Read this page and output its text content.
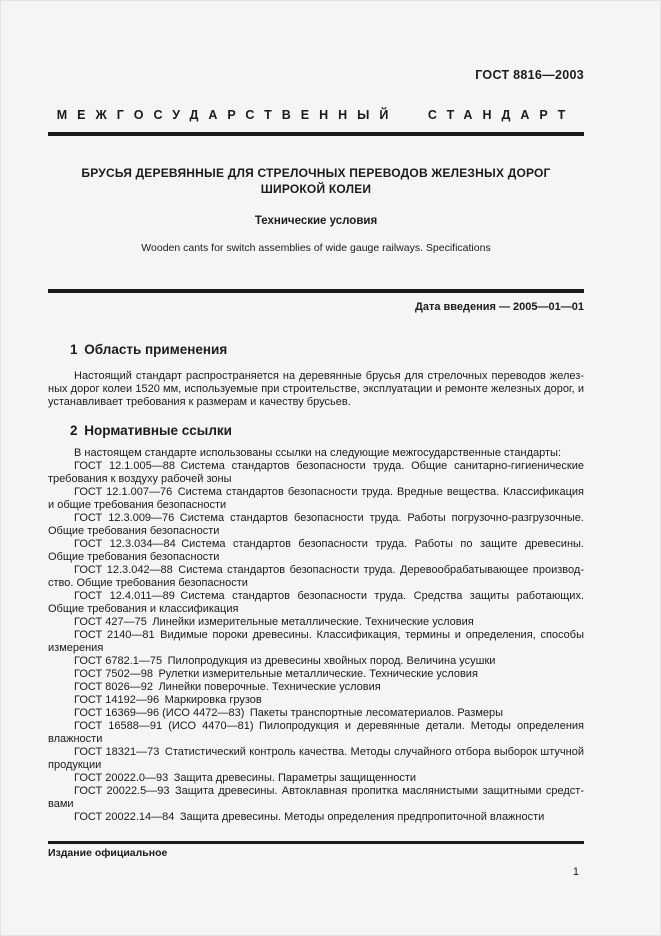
ГОСТ 8816—2003
МЕЖГОСУДАРСТВЕННЫЙ СТАНДАРТ
БРУСЬЯ ДЕРЕВЯННЫЕ ДЛЯ СТРЕЛОЧНЫХ ПЕРЕВОДОВ ЖЕЛЕЗНЫХ ДОРОГ ШИРОКОЙ КОЛЕИ
Технические условия
Wooden cants for switch assemblies of wide gauge railways. Specifications
Дата введения — 2005—01—01
1 Область применения

Настоящий стандарт распространяется на деревянные брусья для стрелочных переводов железных дорог колеи 1520 мм, используемые при строительстве, эксплуатации и ремонте железных дорог, и устанавливает требования к размерам и качеству брусьев.

2 Нормативные ссылки

В настоящем стандарте использованы ссылки на следующие межгосударственные стандарты:

ГОСТ 12.1.005—88 Система стандартов безопасности труда. Общие санитарно-гигиенические требования к воздуху рабочей зоны

ГОСТ 12.1.007—76 Система стандартов безопасности труда. Вредные вещества. Классификация и общие требования безопасности

ГОСТ 12.3.009—76 Система стандартов безопасности труда. Работы погрузочно-разгрузочные. Общие требования безопасности

ГОСТ 12.3.034—84 Система стандартов безопасности труда. Работы по защите древесины. Общие требования безопасности

ГОСТ 12.3.042—88 Система стандартов безопасности труда. Деревообрабатывающее производство. Общие требования безопасности

ГОСТ 12.4.011—89 Система стандартов безопасности труда. Средства защиты работающих. Общие требования и классификация

ГОСТ 427—75 Линейки измерительные металлические. Технические условия

ГОСТ 2140—81 Видимые пороки древесины. Классификация, термины и определения, способы измерения

ГОСТ 6782.1—75 Пилопродукция из древесины хвойных пород. Величина усушки

ГОСТ 7502—98 Рулетки измерительные металлические. Технические условия

ГОСТ 8026—92 Линейки поверочные. Технические условия

ГОСТ 14192—96 Маркировка грузов

ГОСТ 16369—96 (ИСО 4472—83) Пакеты транспортные лесоматериалов. Размеры

ГОСТ 16588—91 (ИСО 4470—81) Пилопродукция и деревянные детали. Методы определения влажности

ГОСТ 18321—73 Статистический контроль качества. Методы случайного отбора выборок штучной продукции

ГОСТ 20022.0—93 Защита древесины. Параметры защищенности

ГОСТ 20022.5—93 Защита древесины. Автоклавная пропитка маслянистыми защитными средствами

ГОСТ 20022.14—84 Защита древесины. Методы определения предпропиточной влажности

Издание официальное
1
